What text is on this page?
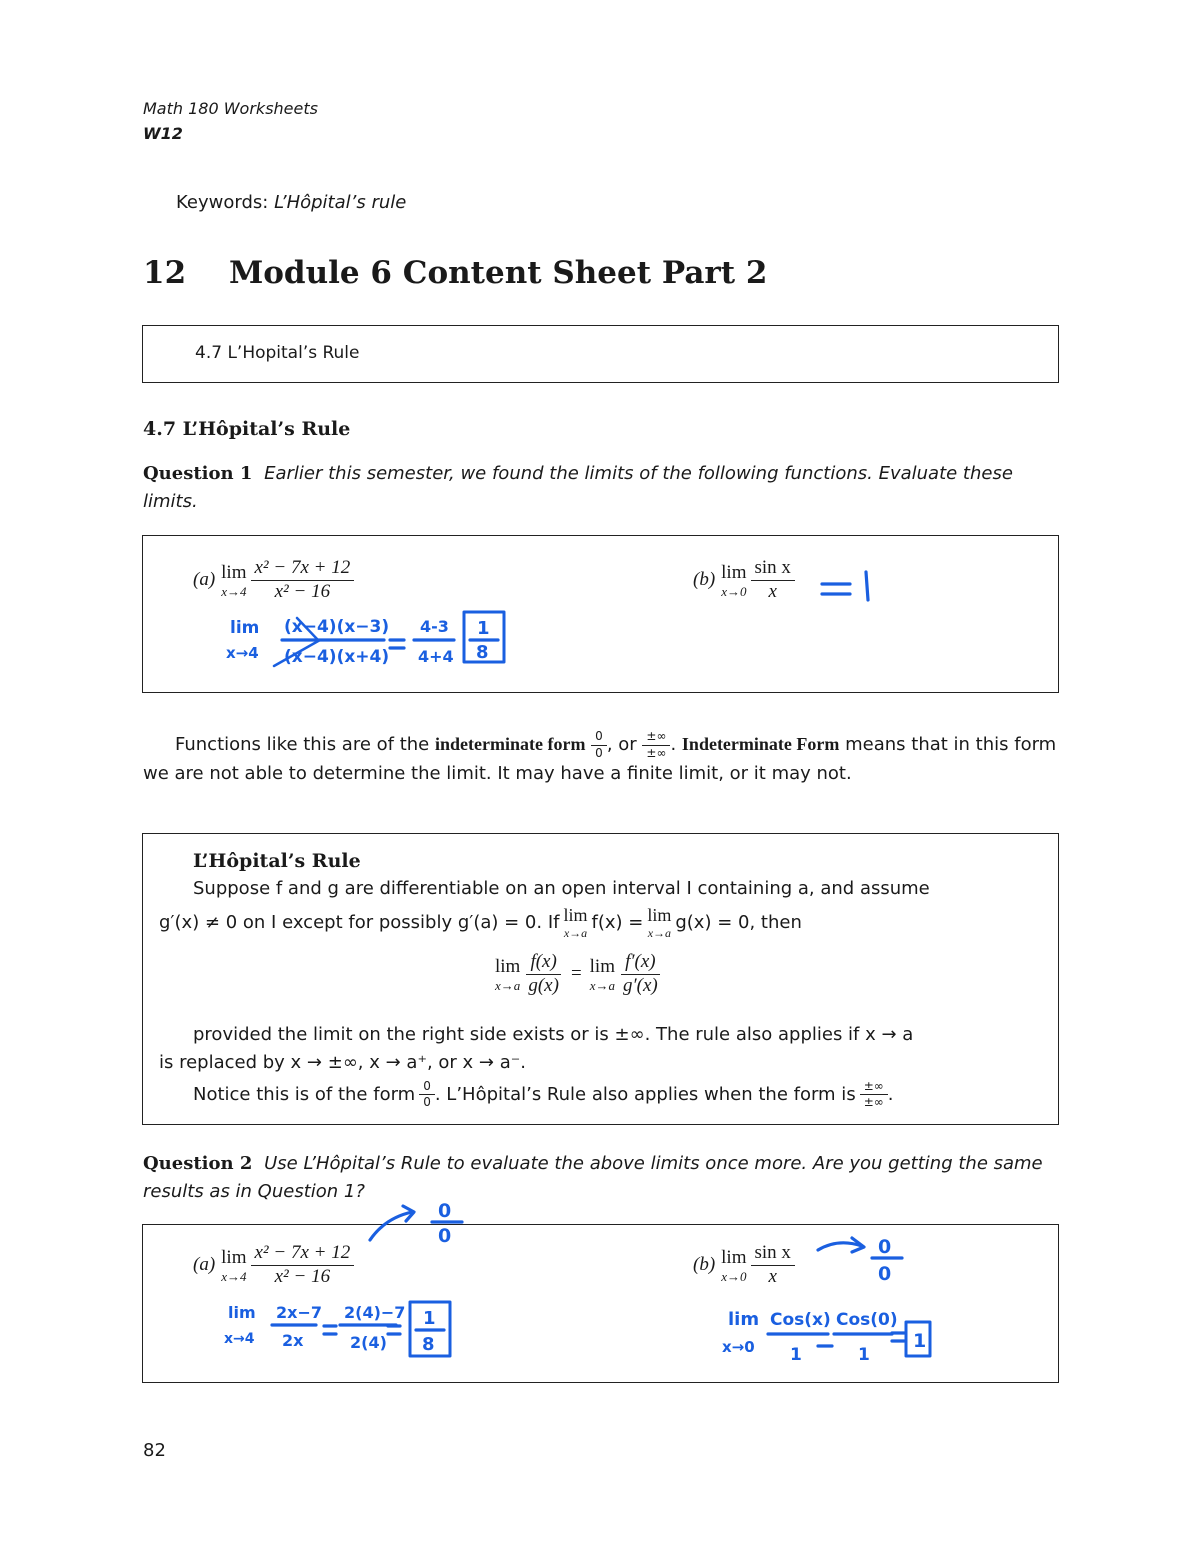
Math 180 Worksheets
W12
Keywords: L’Hôpital’s rule
12 Module 6 Content Sheet Part 2
4.7 L’Hopital’s Rule
4.7 L’Hôpital’s Rule
Question 1 Earlier this semester, we found the limits of the following functions. Evaluate these limits.
(a) lim
$x\to 4 \frac{\text{x² − 7x + 12}}{\text{x² − 16}}$	(b) lim
$x\to 0 \frac{\text{sin x}}{x}$
lim
x→4
(x−4)(x−3)
(x−4)(x+4)
4-3
4+4
1
8
Functions like this are of the indeterminate form $\frac{0}{0}$ , or $\frac{\pm\infty}{\pm\infty}$ . Indeterminate Form means that in this form we are not able to determine the limit. It may have a finite limit, or it may not.
L’Hôpital’s Rule
Suppose f and g are differentiable on an open interval I containing a, and assume
g′(x) ≠ 0 on I except for possibly g′(a) = 0. If lim
x→a f(x) = lim
x→a g(x) = 0, then
lim
$x\to a \frac{f(x)}{g(x)} = \lim$
$x\to a \frac{f'(x)}{g'(x)}$
provided the limit on the right side exists or is ±∞. The rule also applies if x → a
is replaced by x → ±∞, x → a⁺, or x → a⁻.
Notice this is of the form $\frac{0}{0}$ . L’Hôpital’s Rule also applies when the form is $\frac{\pm\infty}{\pm\infty}$ .
Question 2 Use L’Hôpital’s Rule to evaluate the above limits once more. Are you getting the same results as in Question 1?
(a) lim
$x\to 4 \frac{\text{x² − 7x + 12}}{\text{x² − 16}}$	(b) lim
$x\to 0 \frac{\text{sin x}}{x}$
0
0	0
0
lim
x→4
2x−7
2x
2(4)−7
2(4)
1
8
lim
x→0
Cos(x)
1
Cos(0)
1
1
82
